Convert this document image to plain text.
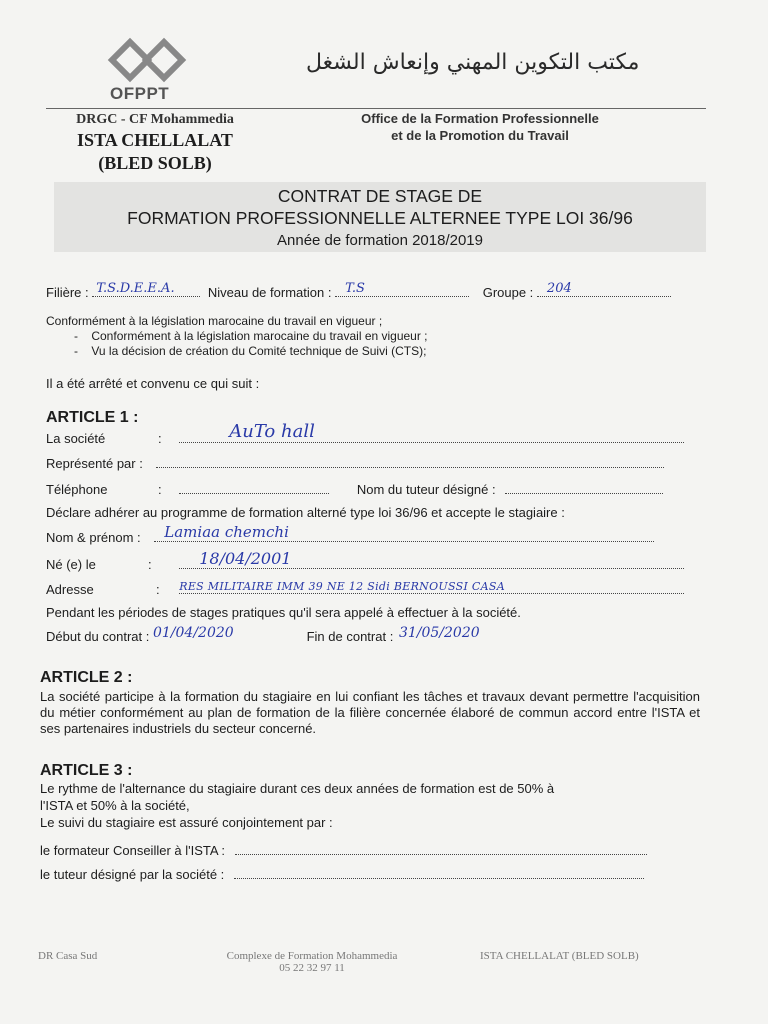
OFPPT
مكتب التكوين المهني وإنعاش الشغل
DRGC - CF Mohammedia
ISTA CHELLALAT
(BLED SOLB)
Office de la Formation Professionnelle
et de la Promotion du Travail
CONTRAT DE STAGE DE
FORMATION PROFESSIONNELLE ALTERNEE TYPE LOI 36/96
Année de formation 2018/2019
Filière : T.S.D.E.E.A.	Niveau de formation : T.S	Groupe : 204
Conformément à la législation marocaine du travail en vigueur ;
-    Conformément à la législation marocaine du travail en vigueur ;
-    Vu la décision de création du Comité technique de Suivi (CTS);
Il a été arrêté et convenu ce qui suit :
ARTICLE 1 :
La société	:	AuTo hall
Représenté par :
Téléphone	:	Nom du tuteur désigné :
Déclare adhérer au programme de formation alterné type loi 36/96 et accepte le stagiaire :
Nom & prénom : Lamiaa chemchi
Né (e) le	:	18/04/2001
Adresse	: RES MILITAIRE IMM 39 NE 12 Sidi BERNOUSSI CASA
Pendant les périodes de stages pratiques qu'il sera appelé à effectuer à la société.
Début du contrat : 01/04/2020	Fin de contrat : 31/05/2020
ARTICLE 2 :
La société participe à la formation du stagiaire en lui confiant les tâches et travaux devant permettre l'acquisition du métier conformément au plan de formation de la filière concernée élaboré de commun accord entre l'ISTA et ses partenaires industriels du secteur concerné.
ARTICLE 3 :
Le rythme de l'alternance du stagiaire durant ces deux années de formation est de 50% à
l'ISTA et 50% à la société,
Le suivi du stagiaire est assuré conjointement par :
le formateur Conseiller à l'ISTA :
le tuteur désigné par la société :
DR Casa Sud	Complexe de Formation Mohammedia
05 22 32 97 11
ISTA CHELLALAT (BLED SOLB)
